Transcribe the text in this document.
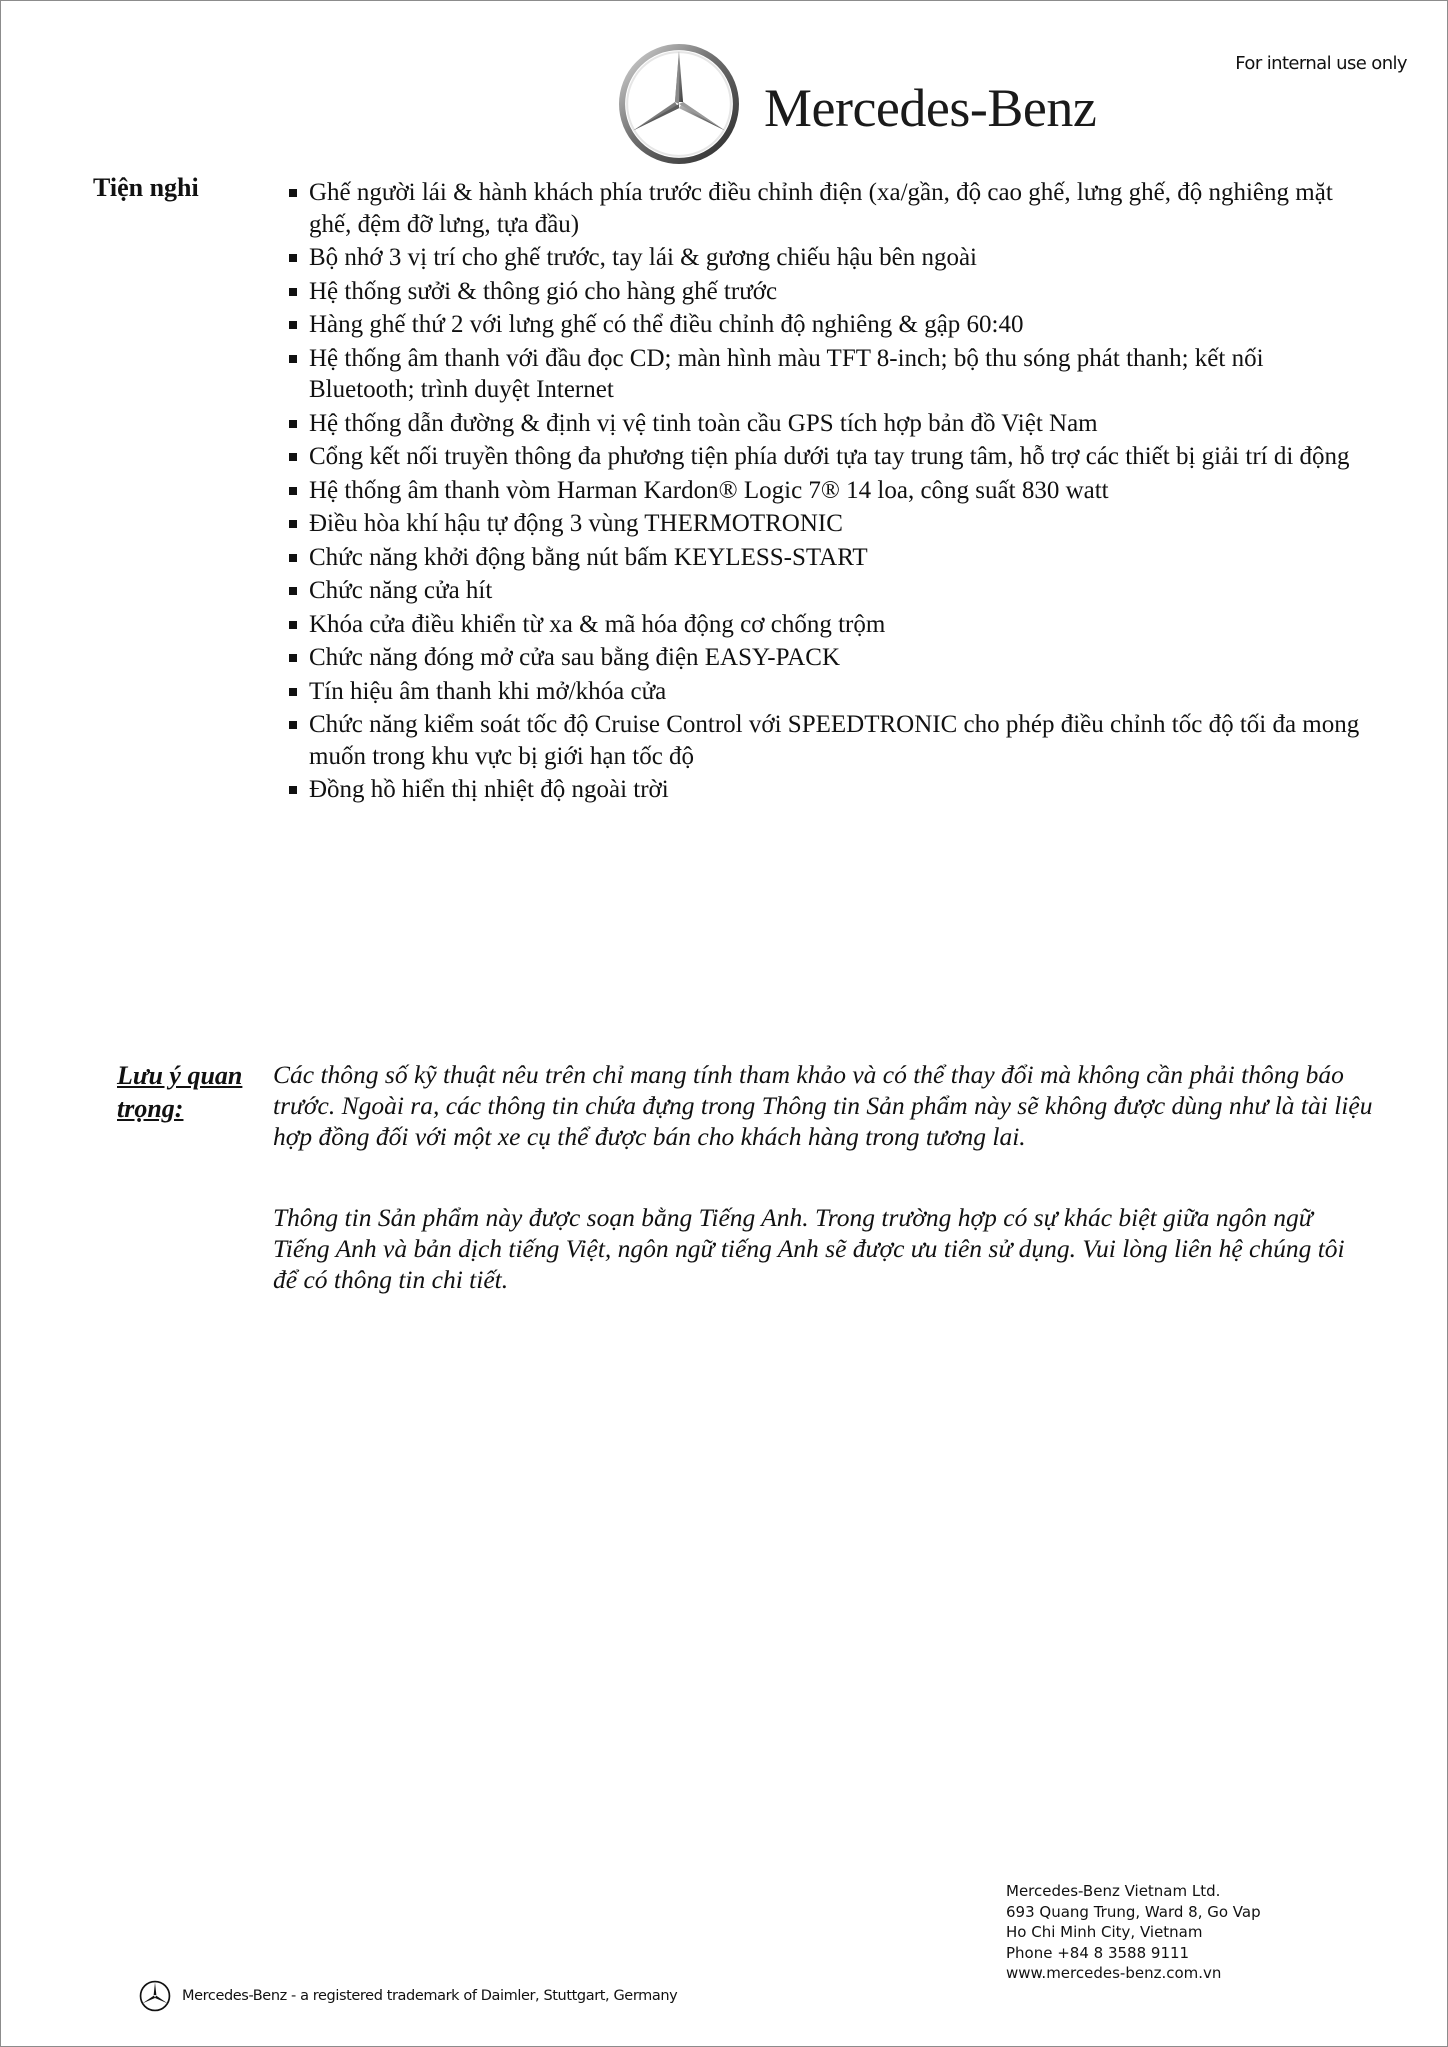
For internal use only
Mercedes-Benz
Tiện nghi	Ghế người lái & hành khách phía trước điều chỉnh điện (xa/gần, độ cao ghế, lưng ghế, độ nghiêng mặt ghế, đệm đỡ lưng, tựa đầu)
Bộ nhớ 3 vị trí cho ghế trước, tay lái & gương chiếu hậu bên ngoài
Hệ thống sưởi & thông gió cho hàng ghế trước
Hàng ghế thứ 2 với lưng ghế có thể điều chỉnh độ nghiêng & gập 60:40
Hệ thống âm thanh với đầu đọc CD; màn hình màu TFT 8-inch; bộ thu sóng phát thanh; kết nối Bluetooth; trình duyệt Internet
Hệ thống dẫn đường & định vị vệ tinh toàn cầu GPS tích hợp bản đồ Việt Nam
Cổng kết nối truyền thông đa phương tiện phía dưới tựa tay trung tâm, hỗ trợ các thiết bị giải trí di động
Hệ thống âm thanh vòm Harman Kardon® Logic 7® 14 loa, công suất 830 watt
Điều hòa khí hậu tự động 3 vùng THERMOTRONIC
Chức năng khởi động bằng nút bấm KEYLESS-START
Chức năng cửa hít
Khóa cửa điều khiển từ xa & mã hóa động cơ chống trộm
Chức năng đóng mở cửa sau bằng điện EASY-PACK
Tín hiệu âm thanh khi mở/khóa cửa
Chức năng kiểm soát tốc độ Cruise Control với SPEEDTRONIC cho phép điều chỉnh tốc độ tối đa mong muốn trong khu vực bị giới hạn tốc độ
Đồng hồ hiển thị nhiệt độ ngoài trời
Lưu ý quan trọng:

Các thông số kỹ thuật nêu trên chỉ mang tính tham khảo và có thể thay đổi mà không cần phải thông báo trước. Ngoài ra, các thông tin chứa đựng trong Thông tin Sản phẩm này sẽ không được dùng như là tài liệu hợp đồng đối với một xe cụ thể được bán cho khách hàng trong tương lai.

Thông tin Sản phẩm này được soạn bằng Tiếng Anh. Trong trường hợp có sự khác biệt giữa ngôn ngữ Tiếng Anh và bản dịch tiếng Việt, ngôn ngữ tiếng Anh sẽ được ưu tiên sử dụng. Vui lòng liên hệ chúng tôi để có thông tin chi tiết.

Mercedes-Benz Vietnam Ltd.
693 Quang Trung, Ward 8, Go Vap
Ho Chi Minh City, Vietnam
Phone +84 8 3588 9111
www.mercedes-benz.com.vn
Mercedes-Benz - a registered trademark of Daimler, Stuttgart, Germany
